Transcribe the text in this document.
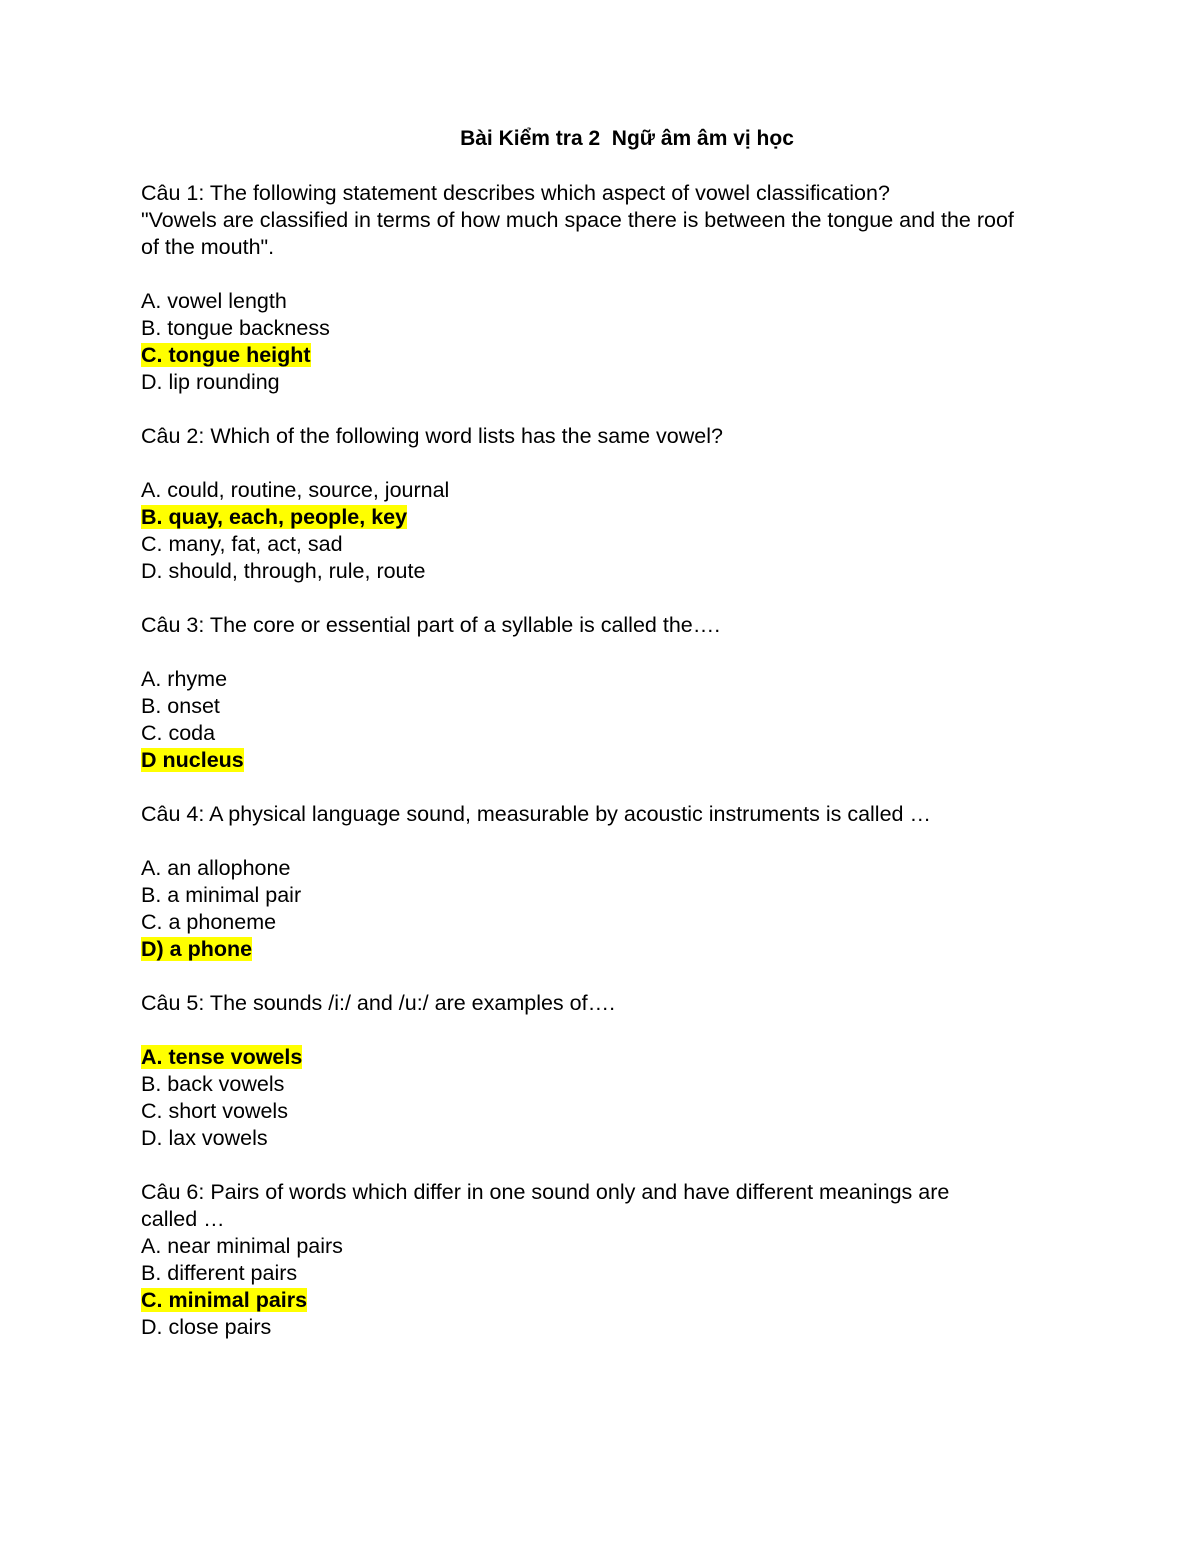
Bài Kiểm tra 2  Ngữ âm âm vị học
Câu 1: The following statement describes which aspect of vowel classification?
"Vowels are classified in terms of how much space there is between the tongue and the roof
of the mouth".
A. vowel length
B. tongue backness
C. tongue height
D. lip rounding
Câu 2: Which of the following word lists has the same vowel?
A. could, routine, source, journal
B. quay, each, people, key
C. many, fat, act, sad
D. should, through, rule, route
Câu 3: The core or essential part of a syllable is called the….
A. rhyme
B. onset
C. coda
D nucleus
Câu 4: A physical language sound, measurable by acoustic instruments is called …
A. an allophone
B. a minimal pair
C. a phoneme
D) a phone
Câu 5: The sounds /i:/ and /u:/ are examples of….
A. tense vowels
B. back vowels
C. short vowels
D. lax vowels
Câu 6: Pairs of words which differ in one sound only and have different meanings are
called …
A. near minimal pairs
B. different pairs
C. minimal pairs
D. close pairs
